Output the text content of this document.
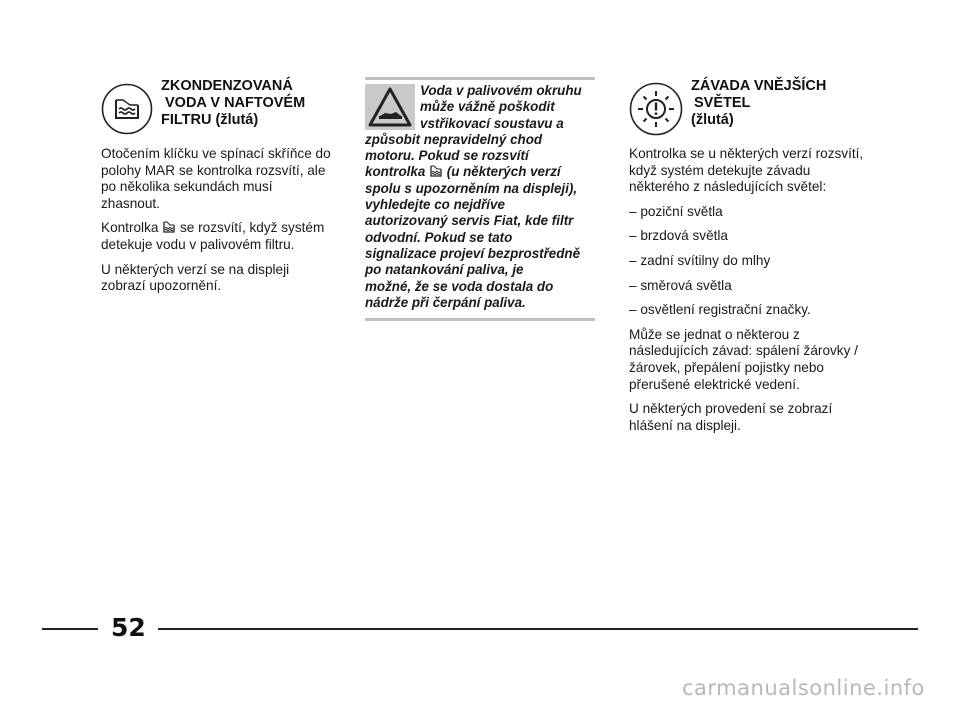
ZKONDENZOVANÁ
VODA V NAFTOVÉM
FILTRU (žlutá)

Otočením klíčku ve spínací skříňce do polohy MAR se kontrolka rozsvítí, ale po několika sekundách musí zhasnout.

Kontrolka se rozsvítí, když systém detekuje vodu v palivovém filtru.

U některých verzí se na displeji zobrazí upozornění.

Voda v palivovém okruhu
může vážně poškodit
vstřikovací soustavu a
způsobit nepravidelný chod
motoru. Pokud se rozsvítí
kontrolka (u některých verzí
spolu s upozorněním na displeji),
vyhledejte co nejdříve
autorizovaný servis Fiat, kde filtr
odvodní. Pokud se tato
signalizace projeví bezprostředně
po natankování paliva, je
možné, že se voda dostala do
nádrže při čerpání paliva.
ZÁVADA VNĚJŠÍCH
SVĚTEL
(žlutá)

Kontrolka se u některých verzí rozsvítí, když systém detekujte závadu některého z následujících světel:

– poziční světla
– brzdová světla
– zadní svítilny do mlhy
– směrová světla
– osvětlení registrační značky.

Může se jednat o některou z následujících závad: spálení žárovky / žárovek, přepálení pojistky nebo přerušené elektrické vedení.

U některých provedení se zobrazí hlášení na displeji.

52
carmanualsonline.info
